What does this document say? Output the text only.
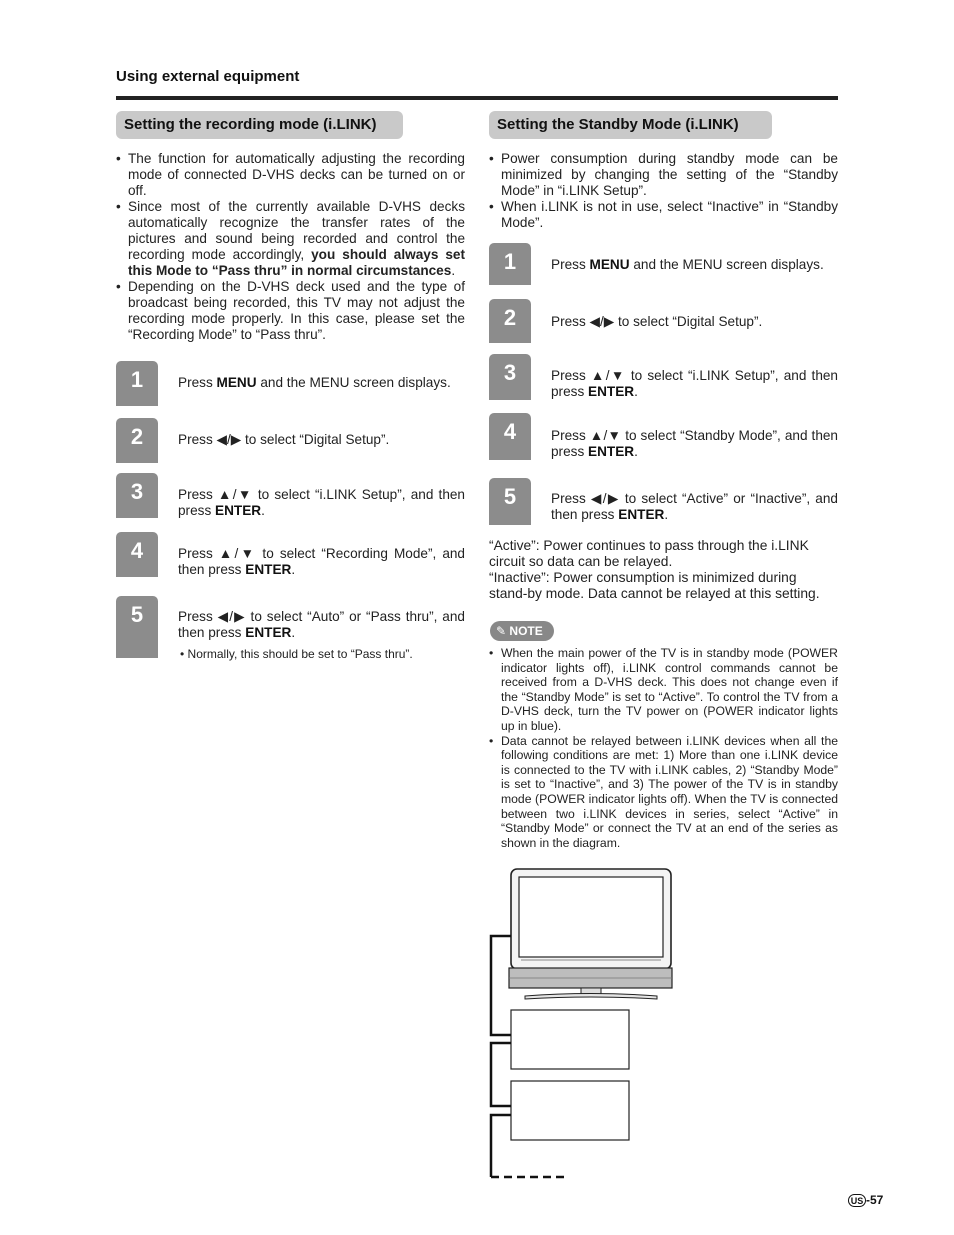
Using external equipment
Setting the recording mode (i.LINK)

• The function for automatically adjusting the recording mode of connected D-VHS decks can be turned on or off.

• Since most of the currently available D-VHS decks automatically recognize the transfer rates of the pictures and sound being recorded and control the recording mode accordingly, you should always set this Mode to “Pass thru” in normal circumstances.

• Depending on the D-VHS deck used and the type of broadcast being recorded, this TV may not adjust the recording mode properly. In this case, please set the “Recording Mode” to “Pass thru”.

1	Press MENU and the MENU screen displays.
2	Press ◀/▶ to select “Digital Setup”.
3	Press ▲/▼ to select “i.LINK Setup”, and then press ENTER.
4	Press ▲/▼ to select “Recording Mode”, and then press ENTER.
5	Press ◀/▶ to select “Auto” or “Pass thru”, and then press ENTER.
• Normally, this should be set to “Pass thru”.
Setting the Standby Mode (i.LINK)

• Power consumption during standby mode can be minimized by changing the setting of the “Standby Mode” in “i.LINK Setup”.

• When i.LINK is not in use, select “Inactive” in “Standby Mode”.

1	Press MENU and the MENU screen displays.
2	Press ◀/▶ to select “Digital Setup”.
3	Press ▲/▼ to select “i.LINK Setup”, and then press ENTER.
4	Press ▲/▼ to select “Standby Mode”, and then press ENTER.
5	Press ◀/▶ to select “Active” or “Inactive”, and then press ENTER.
“Active”: Power continues to pass through the i.LINK circuit so data can be relayed.
“Inactive”: Power consumption is minimized during stand-by mode. Data cannot be relayed at this setting.
✎ NOTE

• When the main power of the TV is in standby mode (POWER indicator lights off), i.LINK control commands cannot be received from a D-VHS deck. This does not change even if the “Standby Mode” is set to “Active”. To control the TV from a D-VHS deck, turn the TV power on (POWER indicator lights up in blue).

• Data cannot be relayed between i.LINK devices when all the following conditions are met: 1) More than one i.LINK device is connected to the TV with i.LINK cables, 2) “Standby Mode” is set to “Inactive”, and 3) The power of the TV is in standby mode (POWER indicator lights off). When the TV is connected between two i.LINK devices in series, select “Active” in “Standby Mode” or connect the TV at an end of the series as shown in the diagram.

US -57
